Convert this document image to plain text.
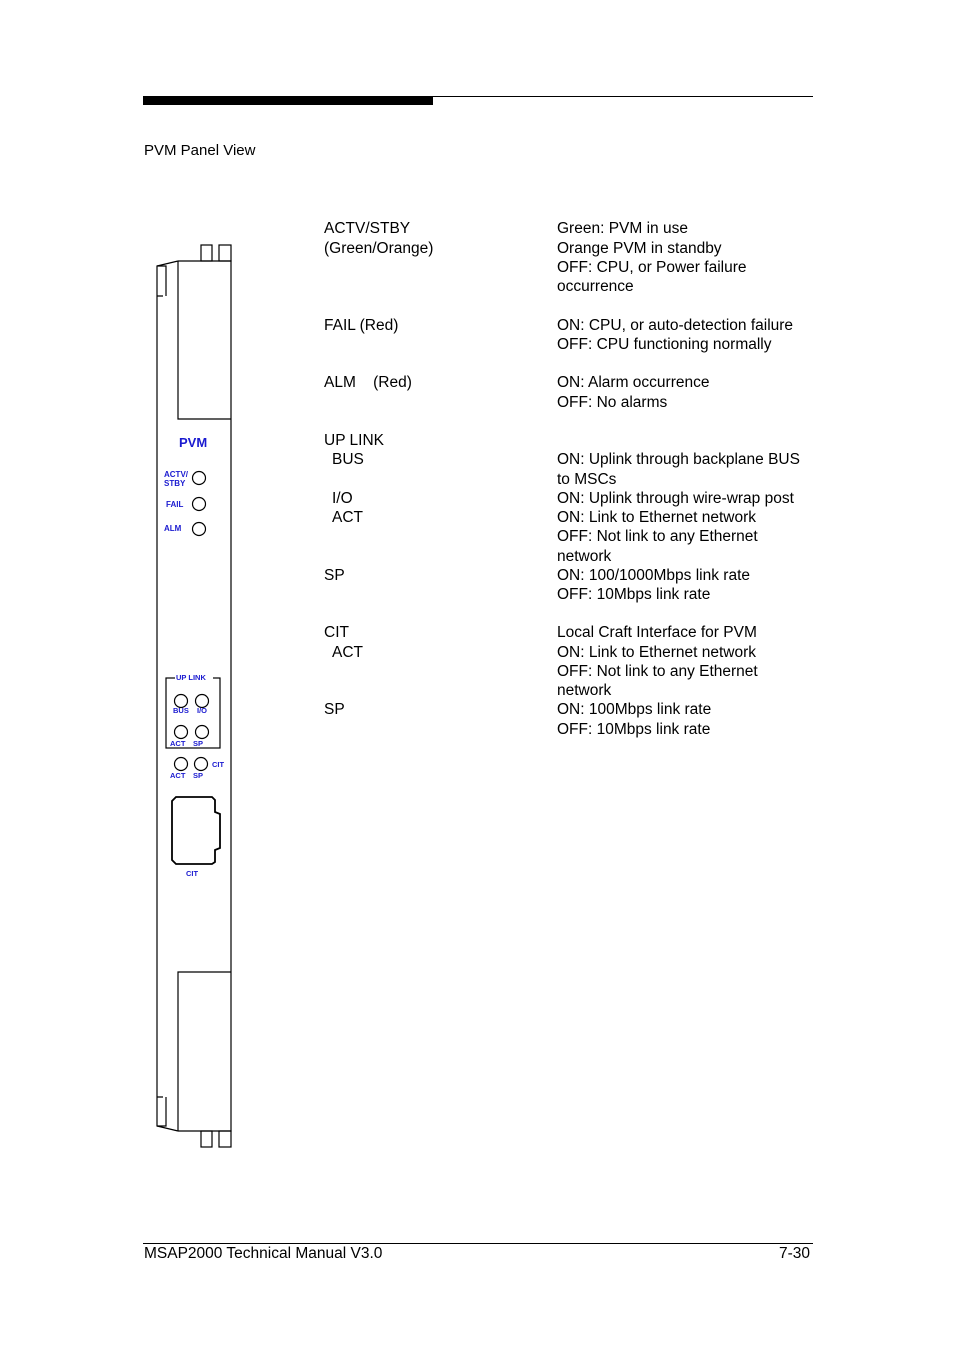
PVM Panel View
PVM
ACTV/
STBY
FAIL
ALM
UP LINK
BUS I/O
ACT SP
CIT
ACT SP
CIT
ACTV/STBY
(Green/Orange)
FAIL (Red)
ALM    (Red)
UP LINK
BUS
I/O
ACT
SP
CIT
ACT
SP
Green: PVM in use
Orange PVM in standby
OFF: CPU, or Power failure
occurrence
ON: CPU, or auto-detection failure
OFF: CPU functioning normally
ON: Alarm occurrence
OFF: No alarms
ON: Uplink through backplane BUS
to MSCs
ON: Uplink through wire-wrap post
ON: Link to Ethernet network
OFF: Not link to any Ethernet
network
ON: 100/1000Mbps link rate
OFF: 10Mbps link rate
Local Craft Interface for PVM
ON: Link to Ethernet network
OFF: Not link to any Ethernet
network
ON: 100Mbps link rate
OFF: 10Mbps link rate
MSAP2000 Technical Manual V3.0	7-30
